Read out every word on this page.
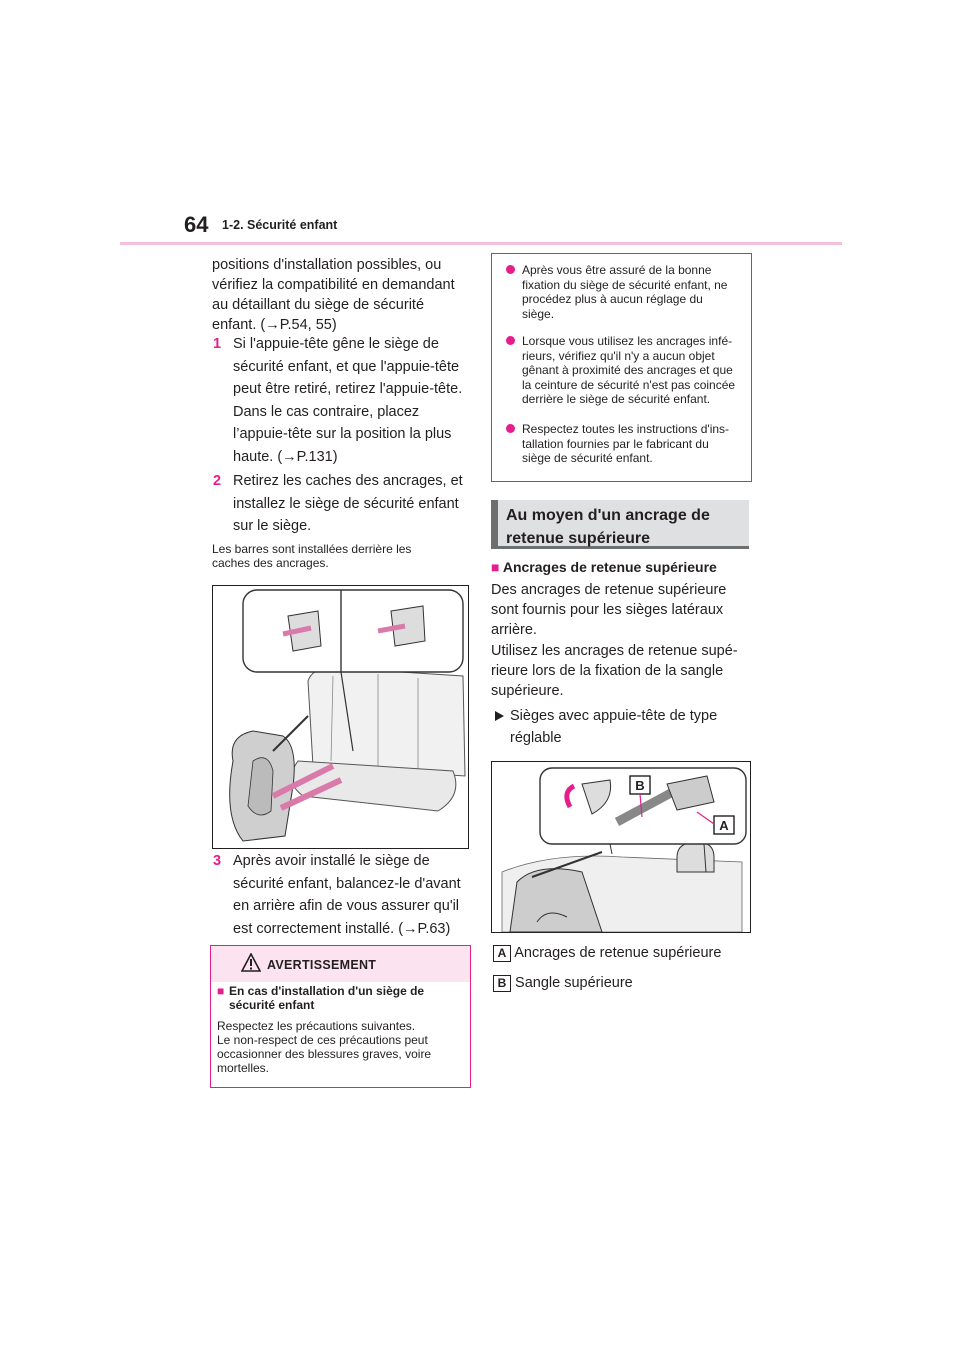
64 1-2. Sécurité enfant
positions d'installation possibles, ou
vérifiez la compatibilité en demandant
au détaillant du siège de sécurité
enfant. (→P.54, 55)
1 Si l'appuie-tête gêne le siège de
sécurité enfant, et que l'appuie-tête
peut être retiré, retirez l'appuie-tête.
Dans le cas contraire, placez
l’appuie-tête sur la position la plus
haute. (→P.131)
2 Retirez les caches des ancrages, et
installez le siège de sécurité enfant
sur le siège.
Les barres sont installées derrière les
caches des ancrages.
3 Après avoir installé le siège de
sécurité enfant, balancez-le d'avant
en arrière afin de vous assurer qu'il
est correctement installé. (→P.63)
AVERTISSEMENT
■ En cas d'installation d'un siège de
sécurité enfant
Respectez les précautions suivantes.
Le non-respect de ces précautions peut
occasionner des blessures graves, voire
mortelles.
Après vous être assuré de la bonne
fixation du siège de sécurité enfant, ne
procédez plus à aucun réglage du
siège.
Lorsque vous utilisez les ancrages infé-
rieurs, vérifiez qu'il n'y a aucun objet
gênant à proximité des ancrages et que
la ceinture de sécurité n'est pas coincée
derrière le siège de sécurité enfant.
Respectez toutes les instructions d'ins-
tallation fournies par le fabricant du
siège de sécurité enfant.
Au moyen d'un ancrage de
retenue supérieure
■ Ancrages de retenue supérieure
Des ancrages de retenue supérieure
sont fournis pour les sièges latéraux
arrière.
Utilisez les ancrages de retenue supé-
rieure lors de la fixation de la sangle
supérieure.
Sièges avec appuie-tête de type
réglable
B
A
A Ancrages de retenue supérieure
B Sangle supérieure
